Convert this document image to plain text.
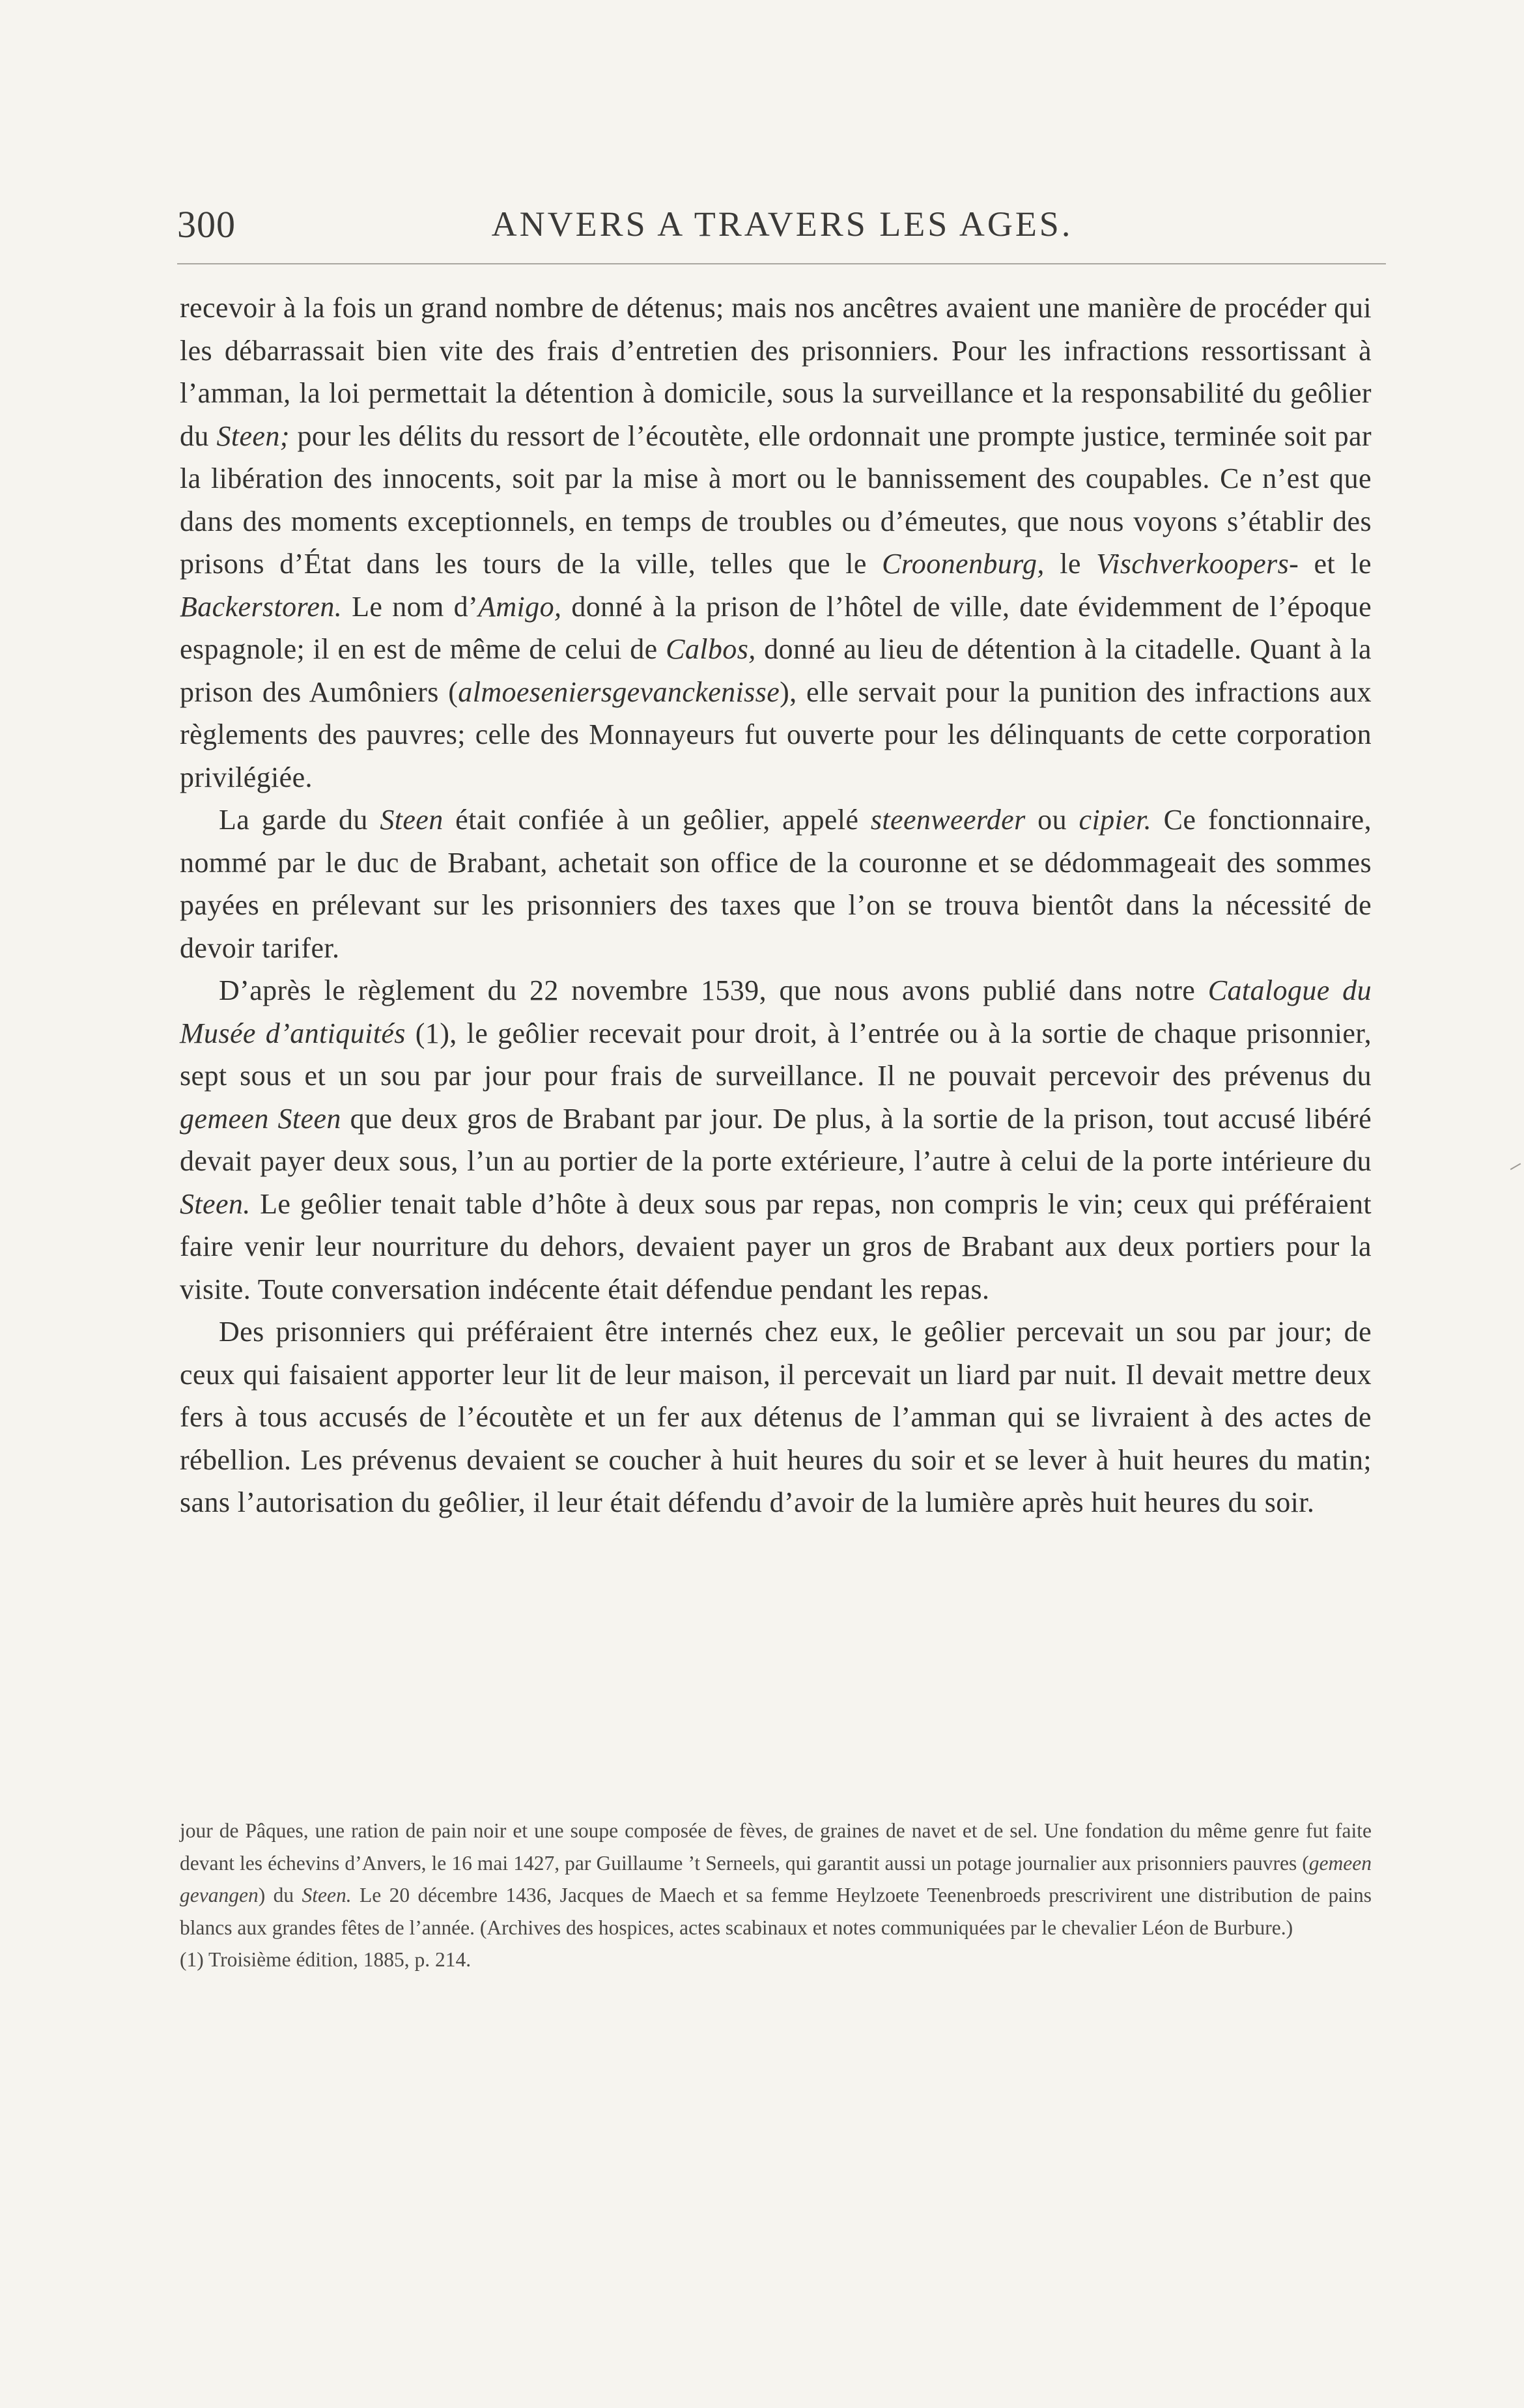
300	ANVERS A TRAVERS LES AGES.

recevoir à la fois un grand nombre de détenus; mais nos ancêtres avaient une manière de procéder qui les débarrassait bien vite des frais d’entretien des prisonniers. Pour les infractions ressortissant à l’amman, la loi permettait la détention à domicile, sous la surveillance et la responsabilité du geôlier du Steen; pour les délits du ressort de l’écoutète, elle ordonnait une prompte justice, terminée soit par la libération des innocents, soit par la mise à mort ou le bannissement des coupables. Ce n’est que dans des moments exceptionnels, en temps de troubles ou d’émeutes, que nous voyons s’établir des prisons d’État dans les tours de la ville, telles que le Croonenburg, le Vischverkoopers- et le Backerstoren. Le nom d’Amigo, donné à la prison de l’hôtel de ville, date évidemment de l’époque espagnole; il en est de même de celui de Calbos, donné au lieu de détention à la citadelle. Quant à la prison des Aumôniers (almoeseniersgevanckenisse), elle servait pour la punition des infractions aux règlements des pauvres; celle des Monnayeurs fut ouverte pour les délinquants de cette corporation privilégiée.

La garde du Steen était confiée à un geôlier, appelé steenweerder ou cipier. Ce fonctionnaire, nommé par le duc de Brabant, achetait son office de la couronne et se dédommageait des sommes payées en prélevant sur les prisonniers des taxes que l’on se trouva bientôt dans la nécessité de devoir tarifer.

D’après le règlement du 22 novembre 1539, que nous avons publié dans notre Catalogue du Musée d’antiquités (1), le geôlier recevait pour droit, à l’entrée ou à la sortie de chaque prisonnier, sept sous et un sou par jour pour frais de surveillance. Il ne pouvait percevoir des prévenus du gemeen Steen que deux gros de Brabant par jour. De plus, à la sortie de la prison, tout accusé libéré devait payer deux sous, l’un au portier de la porte extérieure, l’autre à celui de la porte intérieure du Steen. Le geôlier tenait table d’hôte à deux sous par repas, non compris le vin; ceux qui préféraient faire venir leur nourriture du dehors, devaient payer un gros de Brabant aux deux portiers pour la visite. Toute conversation indécente était défendue pendant les repas.

Des prisonniers qui préféraient être internés chez eux, le geôlier percevait un sou par jour; de ceux qui faisaient apporter leur lit de leur maison, il percevait un liard par nuit. Il devait mettre deux fers à tous accusés de l’écoutète et un fer aux détenus de l’amman qui se livraient à des actes de rébellion. Les prévenus devaient se coucher à huit heures du soir et se lever à huit heures du matin; sans l’autorisation du geôlier, il leur était défendu d’avoir de la lumière après huit heures du soir.

jour de Pâques, une ration de pain noir et une soupe composée de fèves, de graines de navet et de sel. Une fondation du même genre fut faite devant les échevins d’Anvers, le 16 mai 1427, par Guillaume ’t Serneels, qui garantit aussi un potage journalier aux prisonniers pauvres (gemeen gevangen) du Steen. Le 20 décembre 1436, Jacques de Maech et sa femme Heylzoete Teenenbroeds prescrivirent une distribution de pains blancs aux grandes fêtes de l’année. (Archives des hospices, actes scabinaux et notes communiquées par le chevalier Léon de Burbure.)

(1) Troisième édition, 1885, p. 214.
